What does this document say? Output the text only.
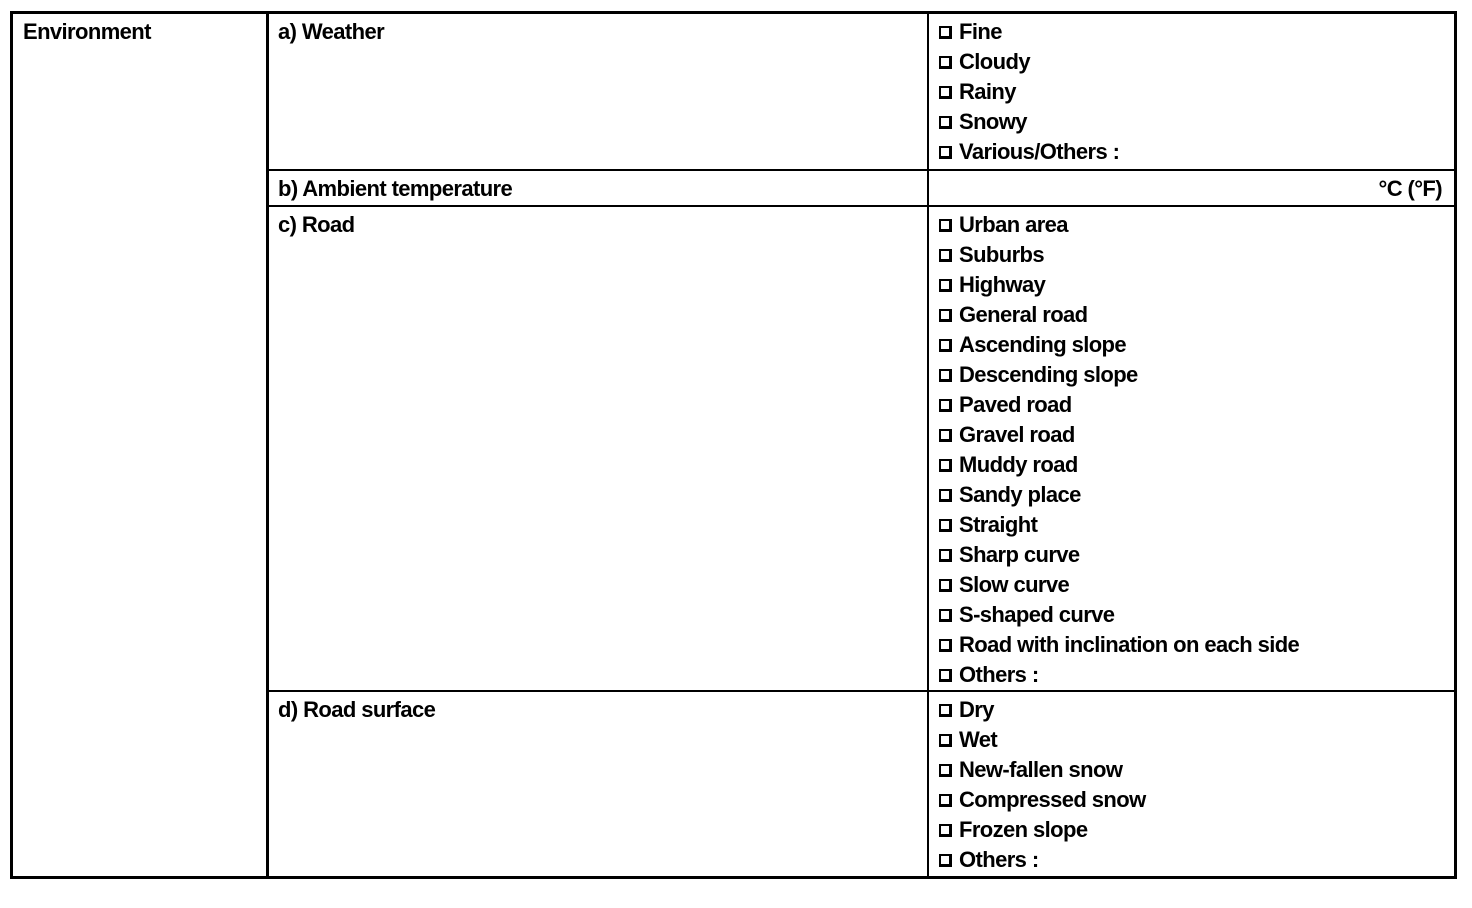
Environment	a) Weather	Fine
Cloudy
Rainy
Snowy
Various/Others :
b) Ambient temperature	°C (°F)
c) Road	Urban area
Suburbs
Highway
General road
Ascending slope
Descending slope
Paved road
Gravel road
Muddy road
Sandy place
Straight
Sharp curve
Slow curve
S-shaped curve
Road with inclination on each side
Others :
d) Road surface	Dry
Wet
New-fallen snow
Compressed snow
Frozen slope
Others :
